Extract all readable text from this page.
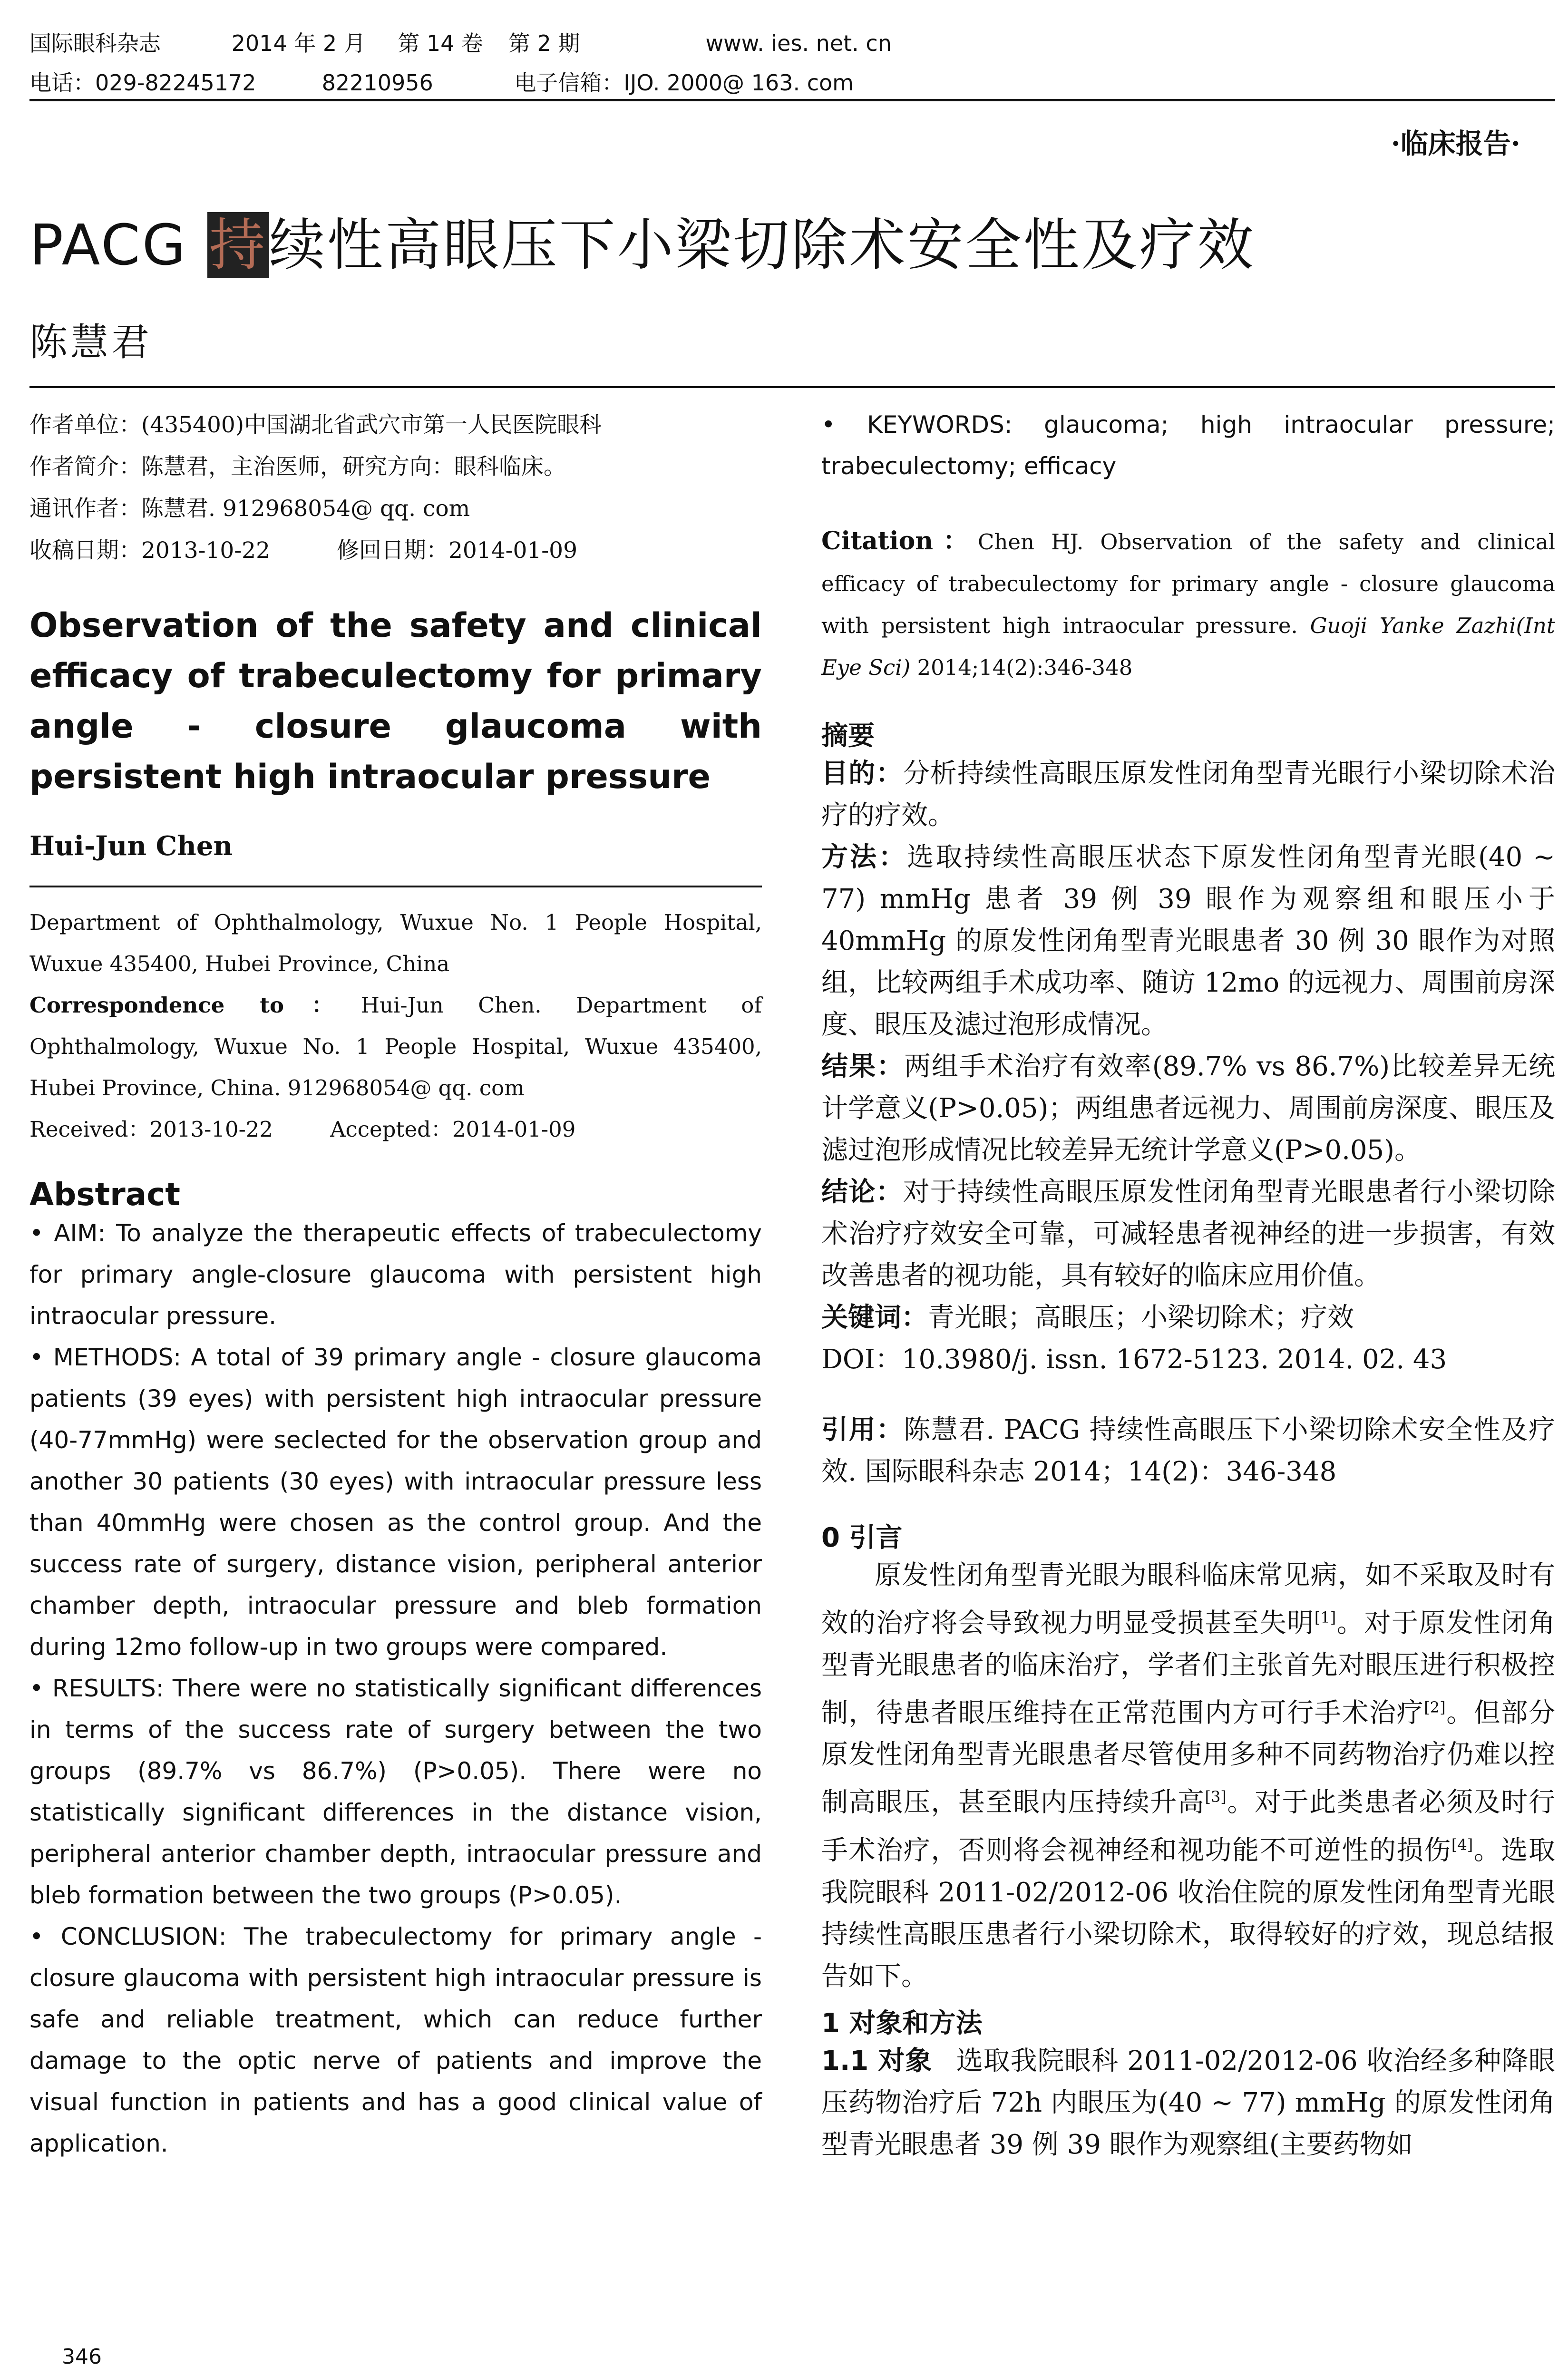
国际眼科杂志	2014 年 2 月 第 14 卷 第 2 期	www. ies. net. cn
电话：029-82245172	82210956	电子信箱：IJO. 2000@ 163. com
·临床报告·
PACG 持续性高眼压下小梁切除术安全性及疗效
陈慧君
作者单位：(435400)中国湖北省武穴市第一人民医院眼科
作者简介：陈慧君，主治医师，研究方向：眼科临床。
通讯作者：陈慧君. 912968054@ qq. com
收稿日期：2013-10-22	修回日期：2014-01-09
Observation of the safety and clinical efficacy of trabeculectomy for primary angle - closure glaucoma with persistent high intraocular pressure
Hui-Jun Chen
Department of Ophthalmology, Wuxue No. 1 People Hospital, Wuxue 435400, Hubei Province, China
Correspondence to：Hui-Jun Chen. Department of Ophthalmology, Wuxue No. 1 People Hospital, Wuxue 435400, Hubei Province, China. 912968054@ qq. com
Received：2013-10-22	Accepted：2014-01-09
Abstract

• AIM: To analyze the therapeutic effects of trabeculectomy for primary angle-closure glaucoma with persistent high intraocular pressure.

• METHODS: A total of 39 primary angle - closure glaucoma patients (39 eyes) with persistent high intraocular pressure (40-77mmHg) were seclected for the observation group and another 30 patients (30 eyes) with intraocular pressure less than 40mmHg were chosen as the control group. And the success rate of surgery, distance vision, peripheral anterior chamber depth, intraocular pressure and bleb formation during 12mo follow-up in two groups were compared.

• RESULTS: There were no statistically significant differences in terms of the success rate of surgery between the two groups (89.7% vs 86.7%) (P>0.05). There were no statistically significant differences in the distance vision, peripheral anterior chamber depth, intraocular pressure and bleb formation between the two groups (P>0.05).

• CONCLUSION: The trabeculectomy for primary angle - closure glaucoma with persistent high intraocular pressure is safe and reliable treatment, which can reduce further damage to the optic nerve of patients and improve the visual function in patients and has a good clinical value of application.

• KEYWORDS: glaucoma; high intraocular pressure; trabeculectomy; efficacy

Citation：Chen HJ. Observation of the safety and clinical efficacy of trabeculectomy for primary angle - closure glaucoma with persistent high intraocular pressure. Guoji Yanke Zazhi(Int Eye Sci) 2014;14(2):346-348
摘要

目的：分析持续性高眼压原发性闭角型青光眼行小梁切除术治疗的疗效。

方法：选取持续性高眼压状态下原发性闭角型青光眼(40 ~ 77) mmHg 患者 39 例 39 眼作为观察组和眼压小于 40mmHg 的原发性闭角型青光眼患者 30 例 30 眼作为对照组，比较两组手术成功率、随访 12mo 的远视力、周围前房深度、眼压及滤过泡形成情况。

结果：两组手术治疗有效率(89.7% vs 86.7%)比较差异无统计学意义(P>0.05)；两组患者远视力、周围前房深度、眼压及滤过泡形成情况比较差异无统计学意义(P>0.05)。

结论：对于持续性高眼压原发性闭角型青光眼患者行小梁切除术治疗疗效安全可靠，可减轻患者视神经的进一步损害，有效改善患者的视功能，具有较好的临床应用价值。

关键词：青光眼；高眼压；小梁切除术；疗效

DOI：10.3980/j. issn. 1672-5123. 2014. 02. 43

引用：陈慧君. PACG 持续性高眼压下小梁切除术安全性及疗效. 国际眼科杂志 2014；14(2)：346-348

0 引言

原发性闭角型青光眼为眼科临床常见病，如不采取及时有效的治疗将会导致视力明显受损甚至失明[1]。对于原发性闭角型青光眼患者的临床治疗，学者们主张首先对眼压进行积极控制，待患者眼压维持在正常范围内方可行手术治疗[2]。但部分原发性闭角型青光眼患者尽管使用多种不同药物治疗仍难以控制高眼压，甚至眼内压持续升高[3]。对于此类患者必须及时行手术治疗，否则将会视神经和视功能不可逆性的损伤[4]。选取我院眼科 2011-02/2012-06 收治住院的原发性闭角型青光眼持续性高眼压患者行小梁切除术，取得较好的疗效，现总结报告如下。

1 对象和方法

1.1 对象 选取我院眼科 2011-02/2012-06 收治经多种降眼压药物治疗后 72h 内眼压为(40 ~ 77) mmHg 的原发性闭角型青光眼患者 39 例 39 眼作为观察组(主要药物如

346
